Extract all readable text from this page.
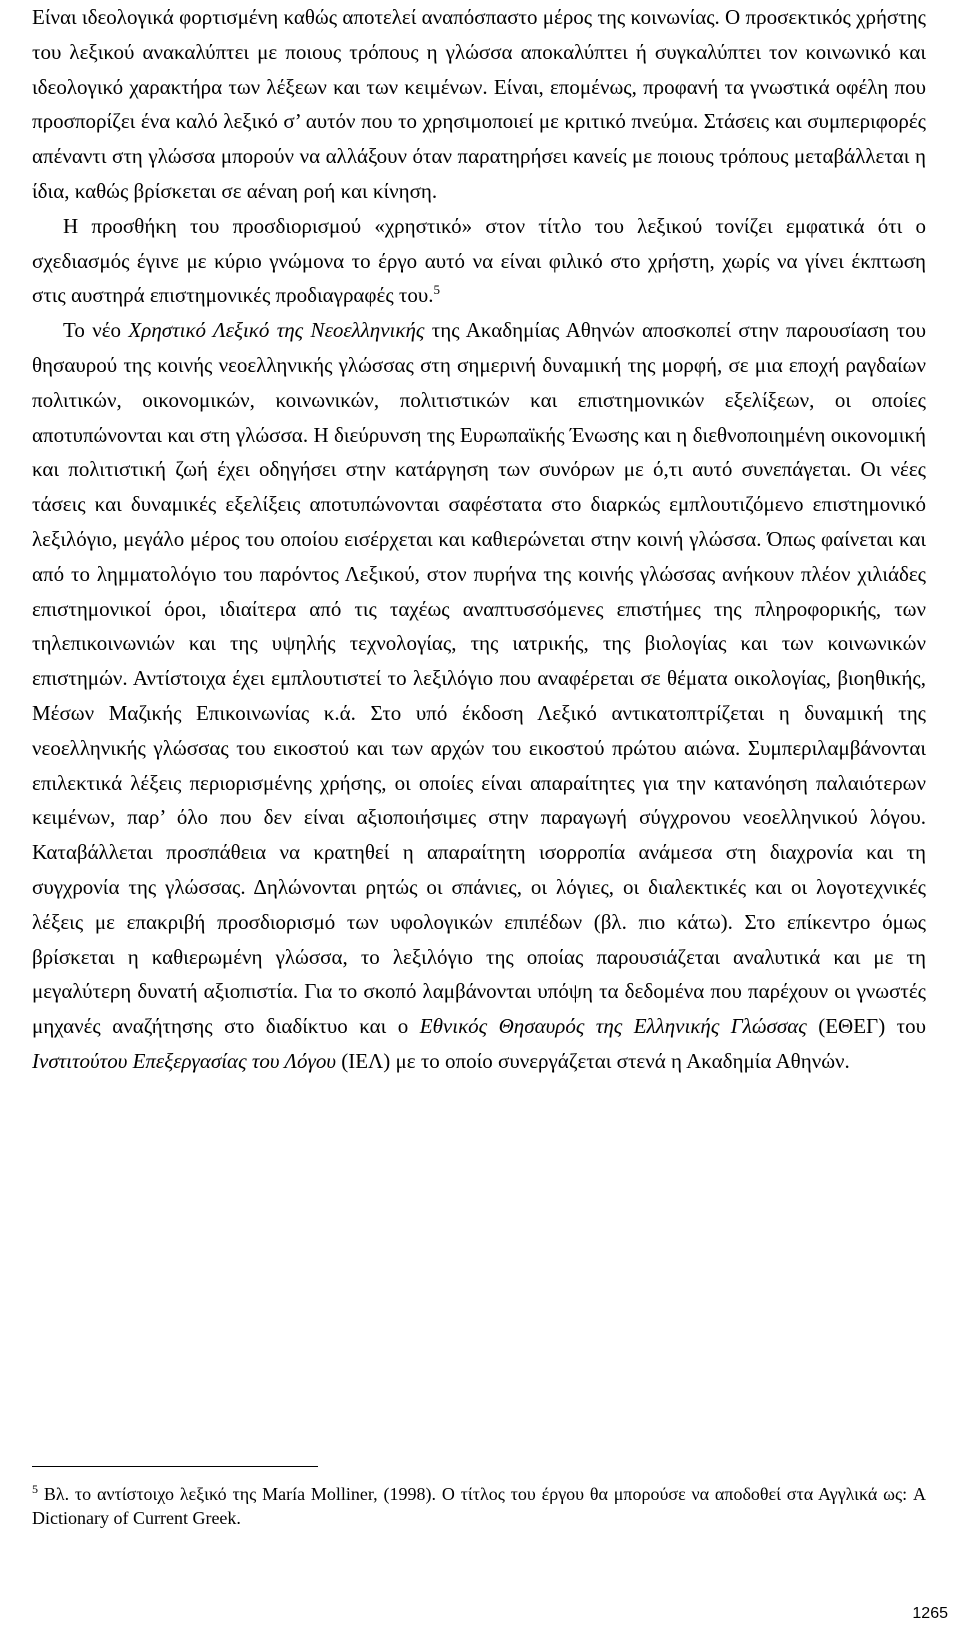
Είναι ιδεολογικά φορτισμένη καθώς αποτελεί αναπόσπαστο μέρος της κοινωνίας. Ο προσεκτικός χρήστης του λεξικού ανακαλύπτει με ποιους τρόπους η γλώσσα αποκαλύπτει ή συγκαλύπτει τον κοινωνικό και ιδεολογικό χαρακτήρα των λέξεων και των κειμένων. Είναι, επομένως, προφανή τα γνωστικά οφέλη που προσπορίζει ένα καλό λεξικό σ’ αυτόν που το χρησιμοποιεί με κριτικό πνεύμα. Στάσεις και συμπεριφορές απέναντι στη γλώσσα μπορούν να αλλάξουν όταν παρατηρήσει κανείς με ποιους τρόπους μεταβάλλεται η ίδια, καθώς βρίσκεται σε αέναη ροή και κίνηση.

Η προσθήκη του προσδιορισμού «χρηστικό» στον τίτλο του λεξικού τονίζει εμφατικά ότι ο σχεδιασμός έγινε με κύριο γνώμονα το έργο αυτό να είναι φιλικό στο χρήστη, χωρίς να γίνει έκπτωση στις αυστηρά επιστημονικές προδιαγραφές του.$^5$

Το νέο Χρηστικό Λεξικό της Νεοελληνικής της Ακαδημίας Αθηνών αποσκοπεί στην παρουσίαση του θησαυρού της κοινής νεοελληνικής γλώσσας στη σημερινή δυναμική της μορφή, σε μια εποχή ραγδαίων πολιτικών, οικονομικών, κοινωνικών, πολιτιστικών και επιστημονικών εξελίξεων, οι οποίες αποτυπώνονται και στη γλώσσα. Η διεύρυνση της Ευρωπαϊκής Ένωσης και η διεθνοποιημένη οικονομική και πολιτιστική ζωή έχει οδηγήσει στην κατάργηση των συνόρων με ό,τι αυτό συνεπάγεται. Οι νέες τάσεις και δυναμικές εξελίξεις αποτυπώνονται σαφέστατα στο διαρκώς εμπλουτιζόμενο επιστημονικό λεξιλόγιο, μεγάλο μέρος του οποίου εισέρχεται και καθιερώνεται στην κοινή γλώσσα. Όπως φαίνεται και από το λημματολόγιο του παρόντος Λεξικού, στον πυρήνα της κοινής γλώσσας ανήκουν πλέον χιλιάδες επιστημονικοί όροι, ιδιαίτερα από τις ταχέως αναπτυσσόμενες επιστήμες της πληροφορικής, των τηλεπικοινωνιών και της υψηλής τεχνολογίας, της ιατρικής, της βιολογίας και των κοινωνικών επιστημών. Αντίστοιχα έχει εμπλουτιστεί το λεξιλόγιο που αναφέρεται σε θέματα οικολογίας, βιοηθικής, Μέσων Μαζικής Επικοινωνίας κ.ά. Στο υπό έκδοση Λεξικό αντικατοπτρίζεται η δυναμική της νεοελληνικής γλώσσας του εικοστού και των αρχών του εικοστού πρώτου αιώνα. Συμπεριλαμβάνονται επιλεκτικά λέξεις περιορισμένης χρήσης, οι οποίες είναι απαραίτητες για την κατανόηση παλαιότερων κειμένων, παρ’ όλο που δεν είναι αξιοποιήσιμες στην παραγωγή σύγχρονου νεοελληνικού λόγου. Καταβάλλεται προσπάθεια να κρατηθεί η απαραίτητη ισορροπία ανάμεσα στη διαχρονία και τη συγχρονία της γλώσσας. Δηλώνονται ρητώς οι σπάνιες, οι λόγιες, οι διαλεκτικές και οι λογοτεχνικές λέξεις με επακριβή προσδιορισμό των υφολογικών επιπέδων (βλ. πιο κάτω). Στο επίκεντρο όμως βρίσκεται η καθιερωμένη γλώσσα, το λεξιλόγιο της οποίας παρουσιάζεται αναλυτικά και με τη μεγαλύτερη δυνατή αξιοπιστία. Για το σκοπό λαμβάνονται υπόψη τα δεδομένα που παρέχουν οι γνωστές μηχανές αναζήτησης στο διαδίκτυο και ο Εθνικός Θησαυρός της Ελληνικής Γλώσσας (ΕΘΕΓ) του Ινστιτούτου Επεξεργασίας του Λόγου (ΙΕΛ) με το οποίο συνεργάζεται στενά η Ακαδημία Αθηνών.

$^5$ Βλ. το αντίστοιχο λεξικό της María Molliner, (1998). Ο τίτλος του έργου θα μπορούσε να αποδοθεί στα Αγγλικά ως: A Dictionary of Current Greek.

1265
